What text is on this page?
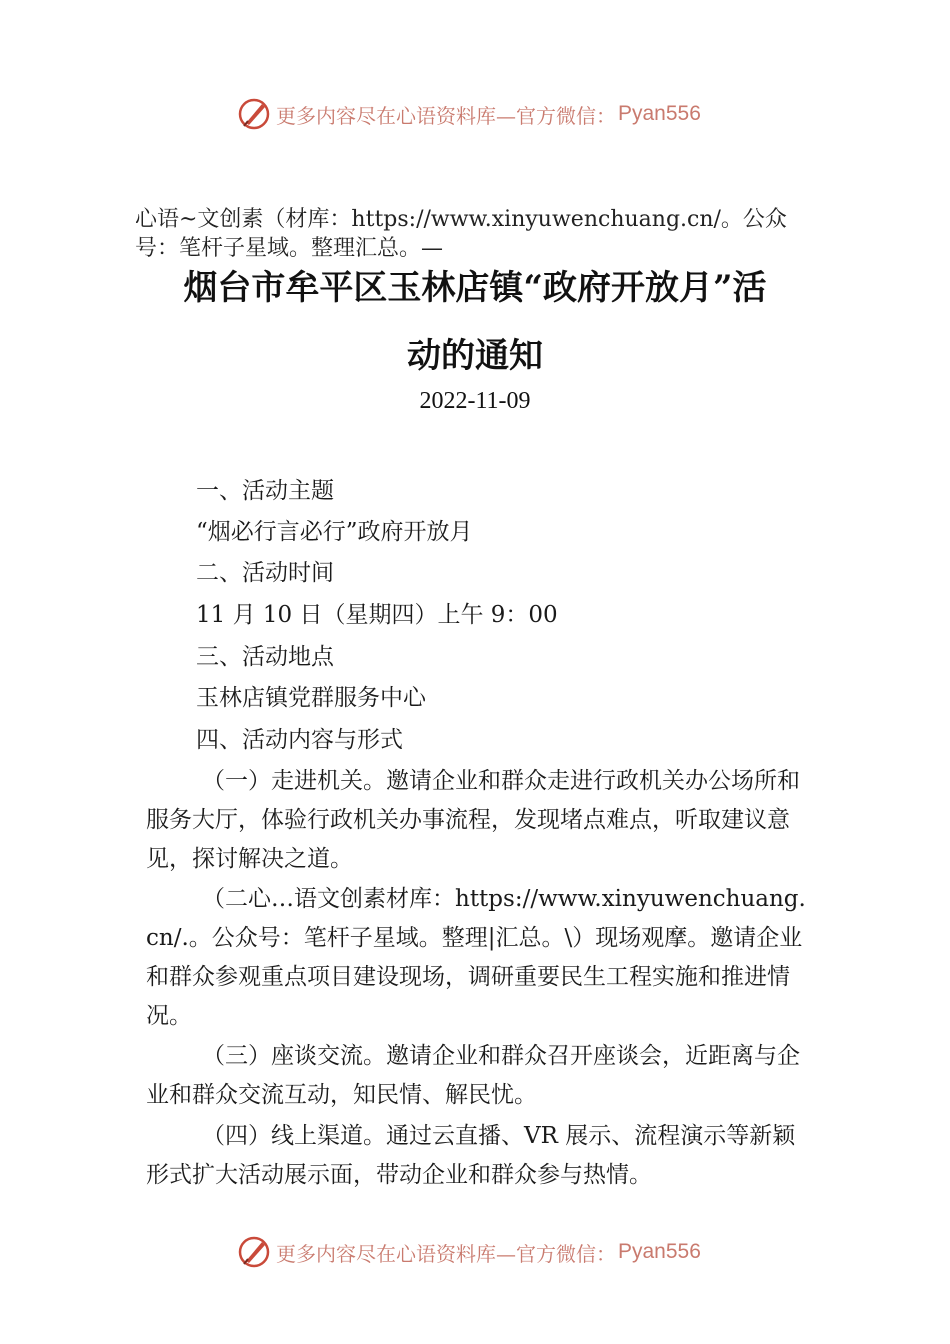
更多内容尽在心语资料库—官方微信： Pyan556
心语~文创素（材库：https://www.xinyuwenchuang.cn/。公众号：笔杆子星域。整理汇总。—
烟台市牟平区玉林店镇“政府开放月”活
动的通知
2022-11-09
一、活动主题
“烟必行言必行”政府开放月
二、活动时间
11 月 10 日（星期四）上午 9：00
三、活动地点
玉林店镇党群服务中心
四、活动内容与形式
（一）走进机关。邀请企业和群众走进行政机关办公场所和服务大厅，体验行政机关办事流程，发现堵点难点，听取建议意见，探讨解决之道。
（二心…语文创素材库：https://www.xinyuwenchuang.cn/.。公众号：笔杆子星域。整理|汇总。\）现场观摩。邀请企业和群众参观重点项目建设现场，调研重要民生工程实施和推进情况。
（三）座谈交流。邀请企业和群众召开座谈会，近距离与企业和群众交流互动，知民情、解民忧。
（四）线上渠道。通过云直播、VR 展示、流程演示等新颖形式扩大活动展示面，带动企业和群众参与热情。
更多内容尽在心语资料库—官方微信： Pyan556
